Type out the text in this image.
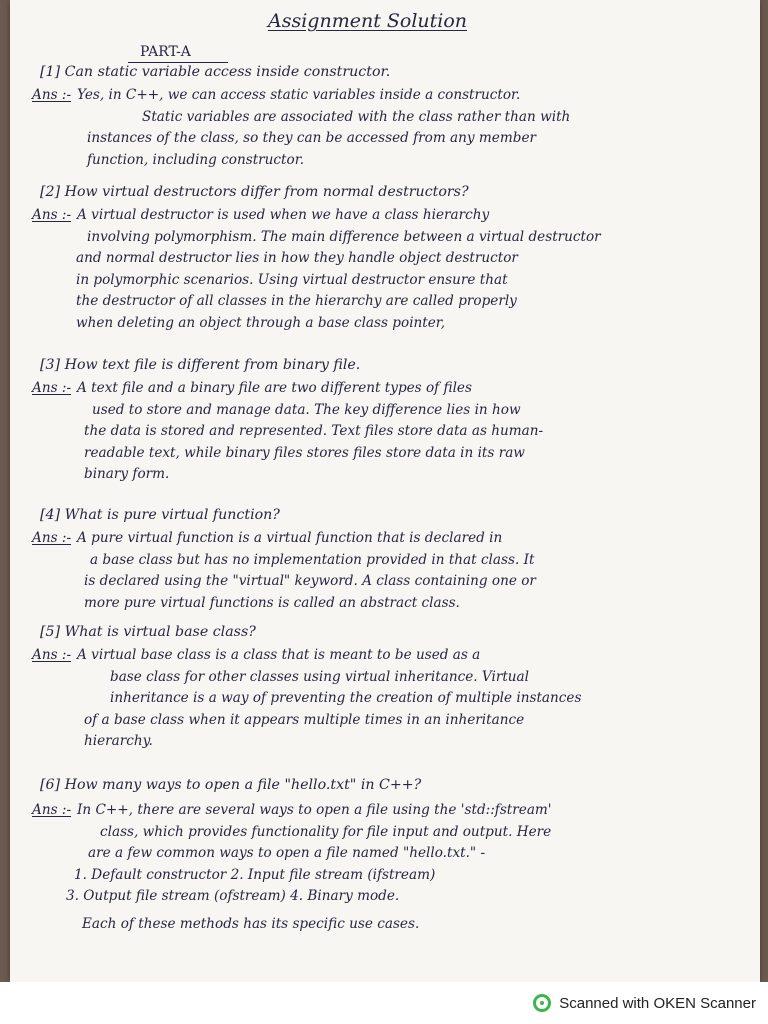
Assignment Solution
PART-A
[1] Can static variable access inside constructor.
Ans :- Yes, in C++, we can access static variables inside a constructor.
Static variables are associated with the class rather than with
instances of the class, so they can be accessed from any member
function, including constructor.
[2] How virtual destructors differ from normal destructors?
Ans :- A virtual destructor is used when we have a class hierarchy
involving polymorphism. The main difference between a virtual destructor
and normal destructor lies in how they handle object destructor
in polymorphic scenarios. Using virtual destructor ensure that
the destructor of all classes in the hierarchy are called properly
when deleting an object through a base class pointer,
[3] How text file is different from binary file.
Ans :- A text file and a binary file are two different types of files
used to store and manage data. The key difference lies in how
the data is stored and represented. Text files store data as human-
readable text, while binary files stores files store data in its raw
binary form.
[4] What is pure virtual function?
Ans :- A pure virtual function is a virtual function that is declared in
a base class but has no implementation provided in that class. It
is declared using the "virtual" keyword. A class containing one or
more pure virtual functions is called an abstract class.
[5] What is virtual base class?
Ans :- A virtual base class is a class that is meant to be used as a
base class for other classes using virtual inheritance. Virtual
inheritance is a way of preventing the creation of multiple instances
of a base class when it appears multiple times in an inheritance
hierarchy.
[6] How many ways to open a file "hello.txt" in C++?
Ans :- In C++, there are several ways to open a file using the 'std::fstream'
class, which provides functionality for file input and output. Here
are a few common ways to open a file named "hello.txt." -
1. Default constructor 2. Input file stream (ifstream)
3. Output file stream (ofstream) 4. Binary mode.
Each of these methods has its specific use cases.
Scanned with OKEN Scanner
